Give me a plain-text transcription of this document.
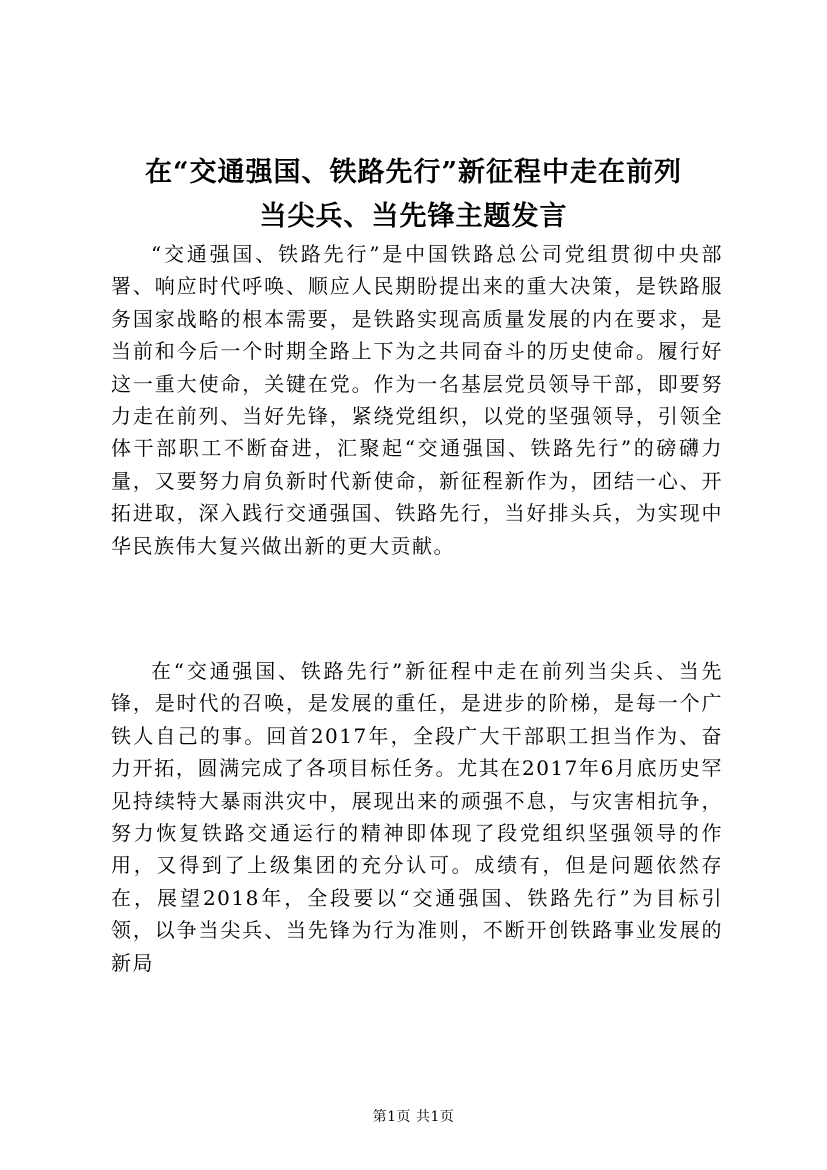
在“交通强国、铁路先行”新征程中走在前列
当尖兵、当先锋主题发言

“交通强国、铁路先行”是中国铁路总公司党组贯彻中央部署、响应时代呼唤、顺应人民期盼提出来的重大决策，是铁路服务国家战略的根本需要，是铁路实现高质量发展的内在要求，是当前和今后一个时期全路上下为之共同奋斗的历史使命。履行好这一重大使命，关键在党。作为一名基层党员领导干部，即要努力走在前列、当好先锋，紧绕党组织，以党的坚强领导，引领全体干部职工不断奋进，汇聚起“交通强国、铁路先行”的磅礴力量，又要努力肩负新时代新使命，新征程新作为，团结一心、开拓进取，深入践行交通强国、铁路先行，当好排头兵，为实现中华民族伟大复兴做出新的更大贡献。

在“交通强国、铁路先行”新征程中走在前列当尖兵、当先锋，是时代的召唤，是发展的重任，是进步的阶梯，是每一个广铁人自己的事。回首2017年，全段广大干部职工担当作为、奋力开拓，圆满完成了各项目标任务。尤其在2017年6月底历史罕见持续特大暴雨洪灾中，展现出来的顽强不息，与灾害相抗争，努力恢复铁路交通运行的精神即体现了段党组织坚强领导的作用，又得到了上级集团的充分认可。成绩有，但是问题依然存在，展望2018年，全段要以“交通强国、铁路先行”为目标引领，以争当尖兵、当先锋为行为准则，不断开创铁路事业发展的新局

第1页 共1页
